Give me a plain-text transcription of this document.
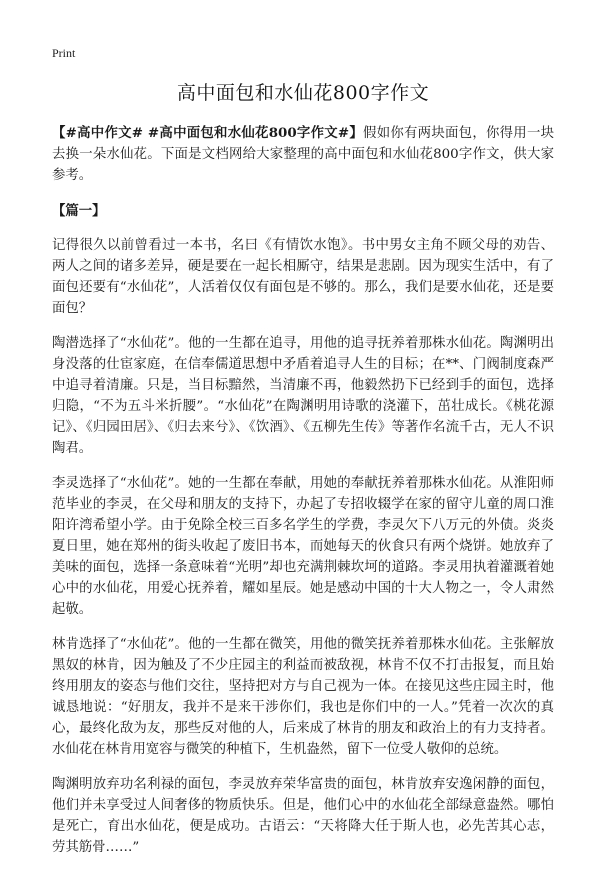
Print
高中面包和水仙花800字作文

【#高中作文# #高中面包和水仙花800字作文#】假如你有两块面包，你得用一块去换一朵水仙花。下面是文档网给大家整理的高中面包和水仙花800字作文，供大家参考。

【篇一】

记得很久以前曾看过一本书，名曰《有情饮水饱》。书中男女主角不顾父母的劝告、两人之间的诸多差异，硬是要在一起长相厮守，结果是悲剧。因为现实生活中，有了面包还要有“水仙花”，人活着仅仅有面包是不够的。那么，我们是要水仙花，还是要面包？

陶潜选择了“水仙花”。他的一生都在追寻，用他的追寻抚养着那株水仙花。陶渊明出身没落的仕宦家庭，在信奉儒道思想中矛盾着追寻人生的目标；在**、门阀制度森严中追寻着清廉。只是，当目标黯然，当清廉不再，他毅然扔下已经到手的面包，选择归隐，“不为五斗米折腰”。“水仙花”在陶渊明用诗歌的浇灌下，茁壮成长。《桃花源记》、《归园田居》、《归去来兮》、《饮酒》、《五柳先生传》等著作名流千古，无人不识陶君。

李灵选择了“水仙花”。她的一生都在奉献，用她的奉献抚养着那株水仙花。从淮阳师范毕业的李灵，在父母和朋友的支持下，办起了专招收辍学在家的留守儿童的周口淮阳许湾希望小学。由于免除全校三百多名学生的学费，李灵欠下八万元的外债。炎炎夏日里，她在郑州的街头收起了废旧书本，而她每天的伙食只有两个烧饼。她放弃了美味的面包，选择一条意味着“光明”却也充满荆棘坎坷的道路。李灵用执着灌溉着她心中的水仙花，用爱心抚养着，耀如星辰。她是感动中国的十大人物之一，令人肃然起敬。

林肯选择了“水仙花”。他的一生都在微笑，用他的微笑抚养着那株水仙花。主张解放黑奴的林肯，因为触及了不少庄园主的利益而被敌视，林肯不仅不打击报复，而且始终用朋友的姿态与他们交往，坚持把对方与自己视为一体。在接见这些庄园主时，他诚恳地说：“好朋友，我并不是来干涉你们，我也是你们中的一人。”凭着一次次的真心，最终化敌为友，那些反对他的人，后来成了林肯的朋友和政治上的有力支持者。水仙花在林肯用宽容与微笑的种植下，生机盎然，留下一位受人敬仰的总统。

陶渊明放弃功名利禄的面包，李灵放弃荣华富贵的面包，林肯放弃安逸闲静的面包，他们并未享受过人间奢侈的物质快乐。但是，他们心中的水仙花全部绿意盎然。哪怕是死亡，育出水仙花，便是成功。古语云：“天将降大任于斯人也，必先苦其心志，劳其筋骨……”
